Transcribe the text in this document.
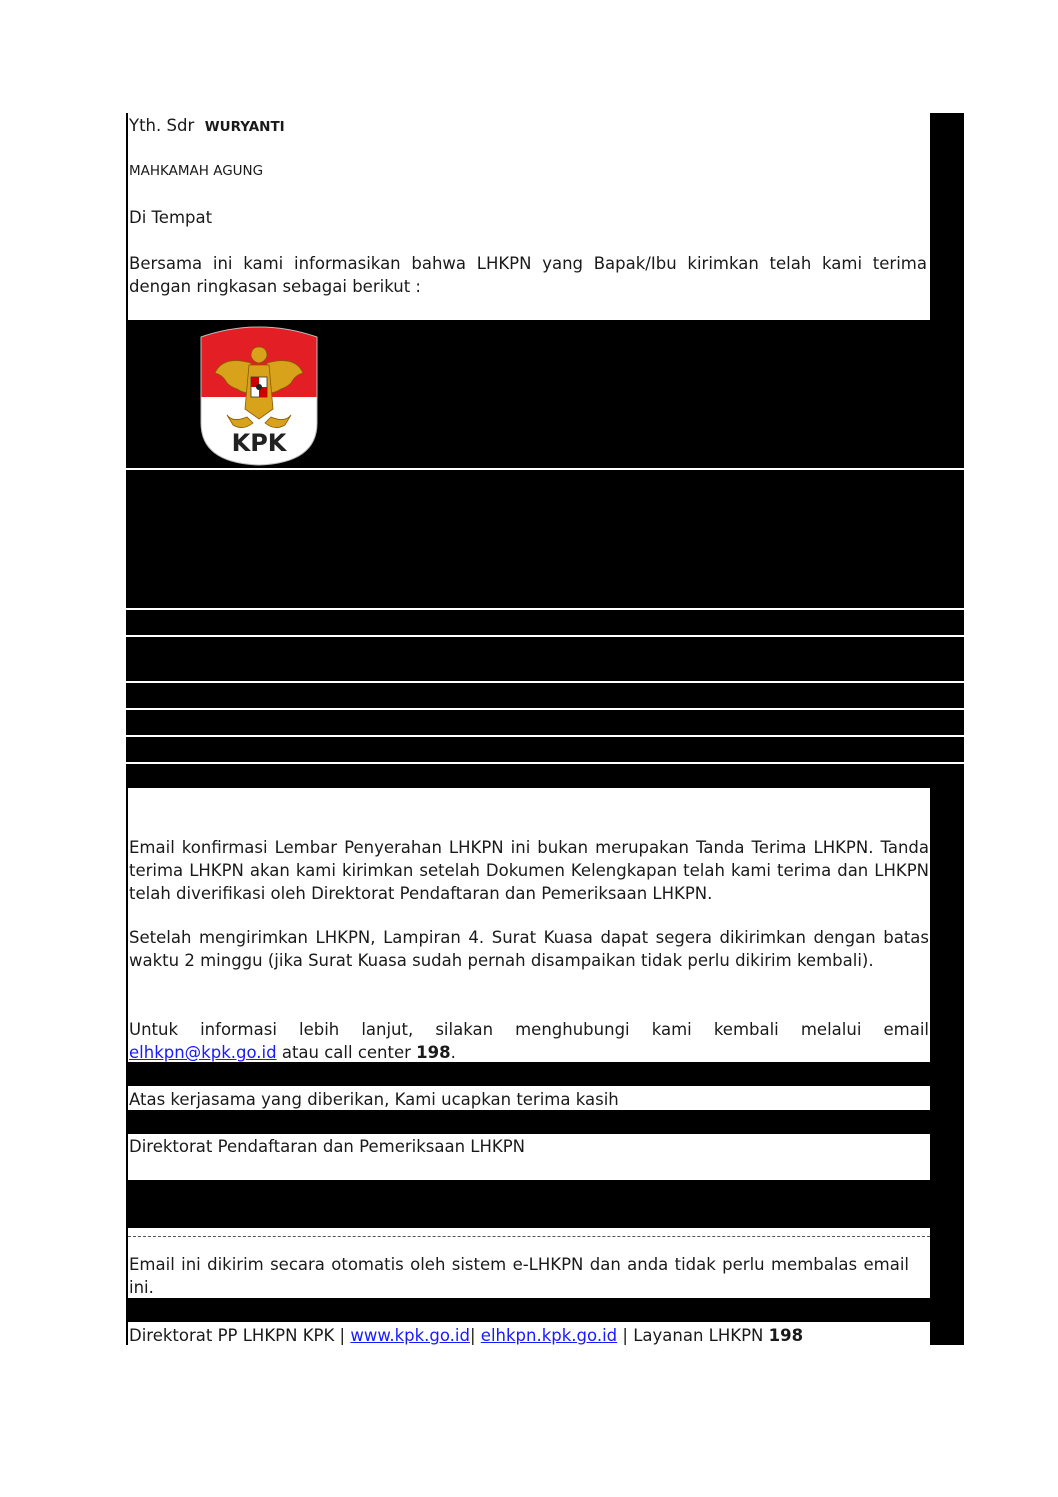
KPK
Yth. Sdr WURYANTI
MAHKAMAH AGUNG
Di Tempat
Bersama ini kami informasikan bahwa LHKPN yang Bapak/Ibu kirimkan telah kami terima dengan ringkasan sebagai berikut :
Email konfirmasi Lembar Penyerahan LHKPN ini bukan merupakan Tanda Terima LHKPN. Tanda terima LHKPN akan kami kirimkan setelah Dokumen Kelengkapan telah kami terima dan LHKPN telah diverifikasi oleh Direktorat Pendaftaran dan Pemeriksaan LHKPN.
Setelah mengirimkan LHKPN, Lampiran 4. Surat Kuasa dapat segera dikirimkan dengan batas waktu 2 minggu (jika Surat Kuasa sudah pernah disampaikan tidak perlu dikirim kembali).
Untuk informasi lebih lanjut, silakan menghubungi kami kembali melalui email elhkpn@kpk.go.id atau call center 198.
Atas kerjasama yang diberikan, Kami ucapkan terima kasih
Direktorat Pendaftaran dan Pemeriksaan LHKPN
Email ini dikirim secara otomatis oleh sistem e-LHKPN dan anda tidak perlu membalas email ini.
Direktorat PP LHKPN KPK | www.kpk.go.id| elhkpn.kpk.go.id | Layanan LHKPN 198
